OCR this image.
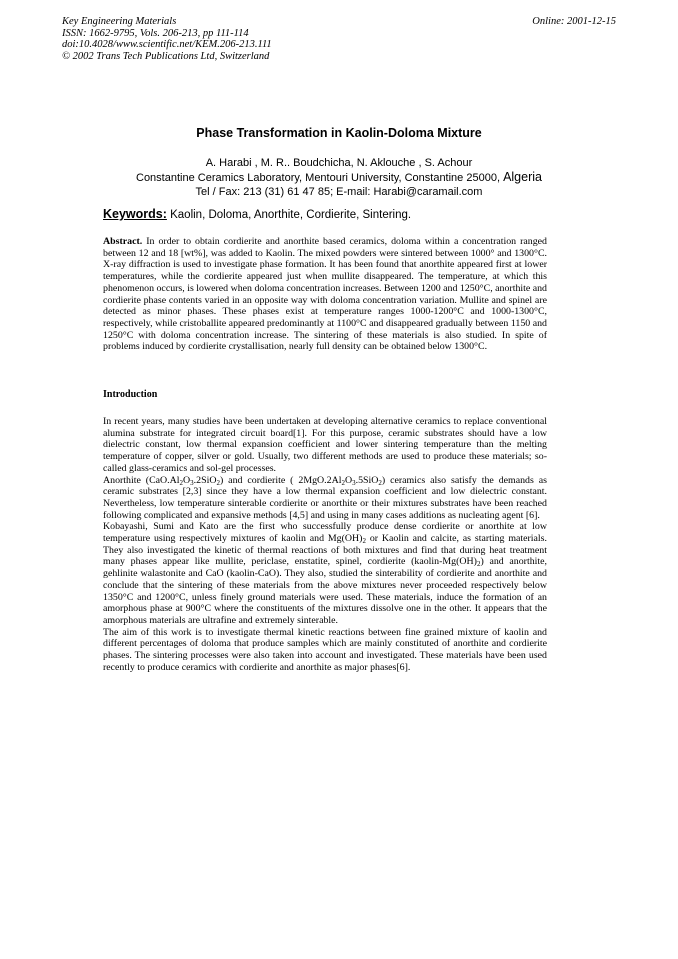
Key Engineering Materials
ISSN: 1662-9795, Vols. 206-213, pp 111-114
doi:10.4028/www.scientific.net/KEM.206-213.111
© 2002 Trans Tech Publications Ltd, Switzerland
Online: 2001-12-15
Phase Transformation in Kaolin-Doloma Mixture
A. Harabi , M. R.. Boudchicha, N. Aklouche , S. Achour
Constantine Ceramics Laboratory, Mentouri University, Constantine 25000, Algeria
Tel / Fax: 213 (31) 61 47 85; E-mail: Harabi@caramail.com
Keywords: Kaolin, Doloma, Anorthite, Cordierite, Sintering.
Abstract. In order to obtain cordierite and anorthite based ceramics, doloma within a concentration ranged between 12 and 18 [wt%], was added to Kaolin. The mixed powders were sintered between 1000° and 1300°C. X-ray diffraction is used to investigate phase formation. It has been found that anorthite appeared first at lower temperatures, while the cordierite appeared just when mullite disappeared. The temperature, at which this phenomenon occurs, is lowered when doloma concentration increases. Between 1200 and 1250°C, anorthite and cordierite phase contents varied in an opposite way with doloma concentration variation. Mullite and spinel are detected as minor phases. These phases exist at temperature ranges 1000-1200°C and 1000-1300°C, respectively, while cristoballite appeared predominantly at 1100°C and disappeared gradually between 1150 and 1250°C with doloma concentration increase. The sintering of these materials is also studied. In spite of problems induced by cordierite crystallisation, nearly full density can be obtained below 1300°C.
Introduction

In recent years, many studies have been undertaken at developing alternative ceramics to replace conventional alumina substrate for integrated circuit board[1]. For this purpose, ceramic substrates should have a low dielectric constant, low thermal expansion coefficient and lower sintering temperature than the melting temperature of copper, silver or gold. Usually, two different methods are used to produce these materials; so-called glass-ceramics and sol-gel processes.

Anorthite $(CaO.Al_2O_3.2SiO_2)$ and cordierite ( $2MgO.2Al_2O_3.5SiO_2$) ceramics also satisfy the demands as ceramic substrates [2,3] since they have a low thermal expansion coefficient and low dielectric constant. Nevertheless, low temperature sinterable cordierite or anorthite or their mixtures substrates have been reached following complicated and expansive methods [4,5] and using in many cases additions as nucleating agent [6].

Kobayashi, Sumi and Kato are the first who successfully produce dense cordierite or anorthite at low temperature using respectively mixtures of kaolin and $Mg(OH)_2$ or Kaolin and calcite, as starting materials. They also investigated the kinetic of thermal reactions of both mixtures and find that during heat treatment many phases appear like mullite, periclase, enstatite, spinel, cordierite $(kaolin-Mg(OH)_2)$ and anorthite, gehlinite walastonite and CaO (kaolin-CaO). They also, studied the sinterability of cordierite and anorthite and conclude that the sintering of these materials from the above mixtures never proceeded respectively below 1350°C and 1200°C, unless finely ground materials were used. These materials, induce the formation of an amorphous phase at 900°C where the constituents of the mixtures dissolve one in the other. It appears that the amorphous materials are ultrafine and extremely sinterable.

The aim of this work is to investigate thermal kinetic reactions between fine grained mixture of kaolin and different percentages of doloma that produce samples which are mainly constituted of anorthite and cordierite phases. The sintering processes were also taken into account and investigated. These materials have been used recently to produce ceramics with cordierite and anorthite as major phases[6].
